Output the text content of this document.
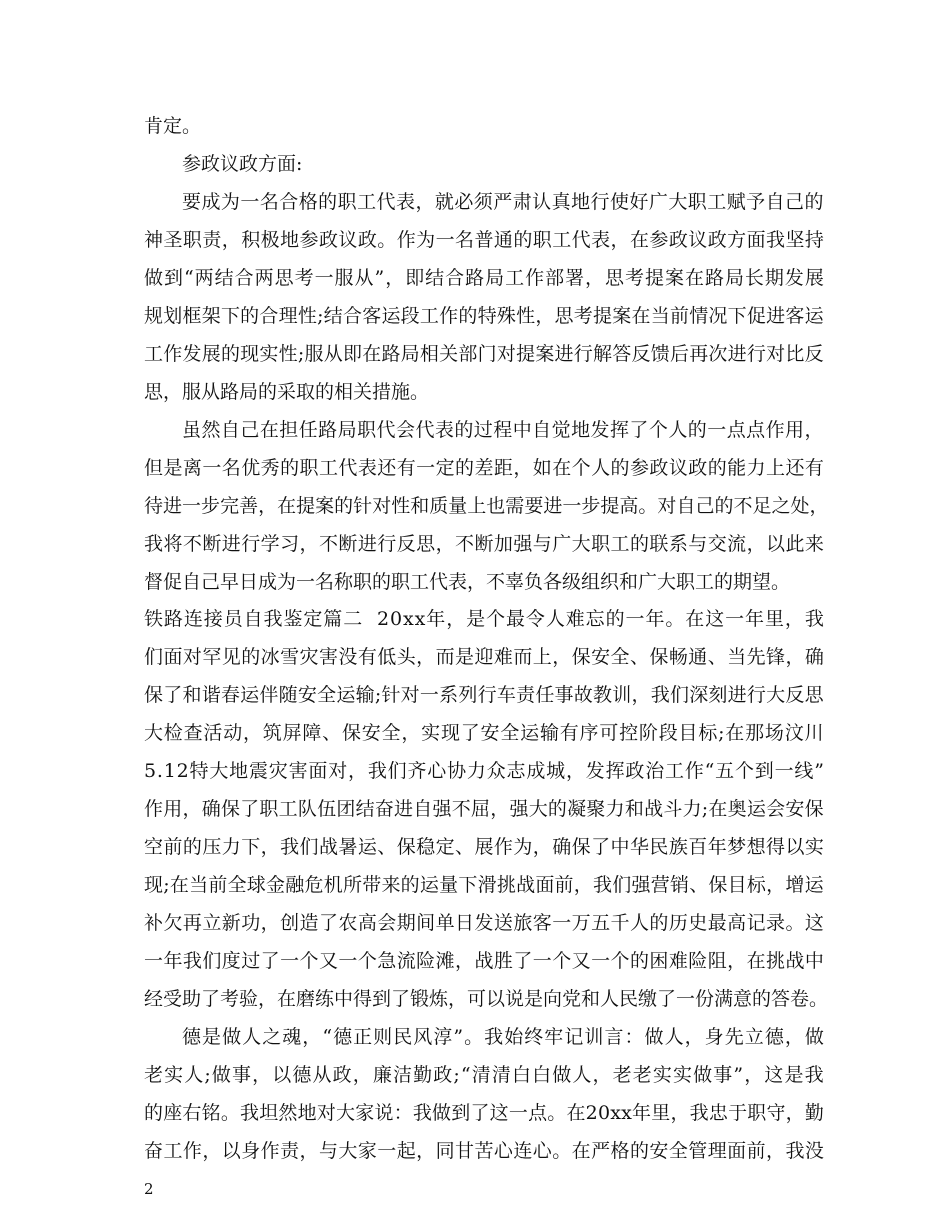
肯定。
参政议政方面:
要 成 为 一 名 合 格 的 职 工 代 表 ， 就 必 须 严 肃 认 真 地 行 使 好 广 大 职 工 赋 予 自 己 的
神 圣 职 责 ， 积 极 地 参 政 议 政 。 作 为 一 名 普 通 的 职 工 代 表 ， 在 参 政 议 政 方 面 我 坚 持
做 到 “ 两 结 合 两 思 考 一 服 从 ” ， 即 结 合 路 局 工 作 部 署 ， 思 考 提 案 在 路 局 长 期 发 展
规 划 框 架 下 的 合 理 性 ; 结 合 客 运 段 工 作 的 特 殊 性 ， 思 考 提 案 在 当 前 情 况 下 促 进 客 运
工 作 发 展 的 现 实 性 ; 服 从 即 在 路 局 相 关 部 门 对 提 案 进 行 解 答 反 馈 后 再 次 进 行 对 比 反
思，服从路局的采取的相关措施。
虽 然 自 己 在 担 任 路 局 职 代 会 代 表 的 过 程 中 自 觉 地 发 挥 了 个 人 的 一 点 点 作 用 ，
但 是 离 一 名 优 秀 的 职 工 代 表 还 有 一 定 的 差 距 ， 如 在 个 人 的 参 政 议 政 的 能 力 上 还 有
待 进 一 步 完 善 ， 在 提 案 的 针 对 性 和 质 量 上 也 需 要 进 一 步 提 高 。 对 自 己 的 不 足 之 处 ，
我 将 不 断 进 行 学 习 ， 不 断 进 行 反 思 ， 不 断 加 强 与 广 大 职 工 的 联 系 与 交 流 ， 以 此 来
督促自己早日成为一名称职的职工代表，不辜负各级组织和广大职工的期望。
铁 路 连 接 员 自 我 鉴 定 篇 二

2 0 x x 年 ， 是 个 最 令 人 难 忘 的 一 年 。 在 这 一 年 里 ， 我
们 面 对 罕 见 的 冰 雪 灾 害 没 有 低 头 ， 而 是 迎 难 而 上 ， 保 安 全 、 保 畅 通 、 当 先 锋 ， 确
保 了 和 谐 春 运 伴 随 安 全 运 输 ; 针 对 一 系 列 行 车 责 任 事 故 教 训 ， 我 们 深 刻 进 行 大 反 思
大 检 查 活 动 ， 筑 屏 障 、 保 安 全 ， 实 现 了 安 全 运 输 有 序 可 控 阶 段 目 标 ; 在 那 场 汶 川
5 . 1 2 特 大 地 震 灾 害 面 对 ， 我 们 齐 心 协 力 众 志 成 城 ， 发 挥 政 治 工 作 “ 五 个 到 一 线 ”
作 用 ， 确 保 了 职 工 队 伍 团 结 奋 进 自 强 不 屈 ， 强 大 的 凝 聚 力 和 战 斗 力 ; 在 奥 运 会 安 保
空 前 的 压 力 下 ， 我 们 战 暑 运 、 保 稳 定 、 展 作 为 ， 确 保 了 中 华 民 族 百 年 梦 想 得 以 实
现 ; 在 当 前 全 球 金 融 危 机 所 带 来 的 运 量 下 滑 挑 战 面 前 ， 我 们 强 营 销 、 保 目 标 ， 增 运
补 欠 再 立 新 功 ， 创 造 了 农 高 会 期 间 单 日 发 送 旅 客 一 万 五 千 人 的 历 史 最 高 记 录 。 这
一 年 我 们 度 过 了 一 个 又 一 个 急 流 险 滩 ， 战 胜 了 一 个 又 一 个 的 困 难 险 阻 ， 在 挑 战 中
经受助了考验，在磨练中得到了锻炼，可以说是向党和人民缴了一份满意的答卷。
德 是 做 人 之 魂 ， “ 德 正 则 民 风 淳 ” 。 我 始 终 牢 记 训 言 ： 做 人 ， 身 先 立 德 ， 做
老 实 人 ; 做 事 ， 以 德 从 政 ， 廉 洁 勤 政 ; “ 清 清 白 白 做 人 ， 老 老 实 实 做 事 ” ， 这 是 我
的 座 右 铭 。 我 坦 然 地 对 大 家 说 ： 我 做 到 了 这 一 点 。 在 2 0 x x 年 里 ， 我 忠 于 职 守 ， 勤
奋 工 作 ， 以 身 作 责 ， 与 大 家 一 起 ， 同 甘 苦 心 连 心 。 在 严 格 的 安 全 管 理 面 前 ， 我 没
2
